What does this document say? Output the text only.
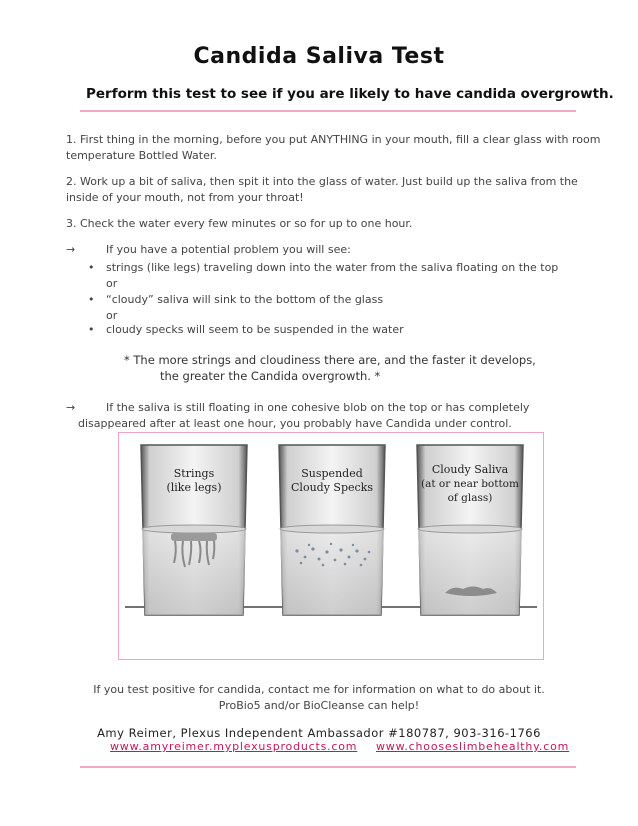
Candida Saliva Test
Perform this test to see if you are likely to have candida overgrowth.
1. First thing in the morning, before you put ANYTHING in your mouth, fill a clear glass with room
temperature Bottled Water.
2. Work up a bit of saliva, then spit it into the glass of water. Just build up the saliva from the
inside of your mouth, not from your throat!
3. Check the water every few minutes or so for up to one hour.
→	If you have a potential problem you will see:
• strings (like legs) traveling down into the water from the saliva floating on the top
or
• “cloudy” saliva will sink to the bottom of the glass
or
• cloudy specks will seem to be suspended in the water
* The more strings and cloudiness there are, and the faster it develops,
the greater the Candida overgrowth. *
→	If the saliva is still floating in one cohesive blob on the top or has completely
disappeared after at least one hour, you probably have Candida under control.
Strings
(like legs)
Suspended
Cloudy Specks
Cloudy Saliva
(at or near bottom
of glass)
If you test positive for candida, contact me for information on what to do about it.
ProBio5 and/or BioCleanse can help!
Amy Reimer, Plexus Independent Ambassador #180787, 903-316-1766
www.amyreimer.myplexusproducts.com www.chooseslimbehealthy.com
